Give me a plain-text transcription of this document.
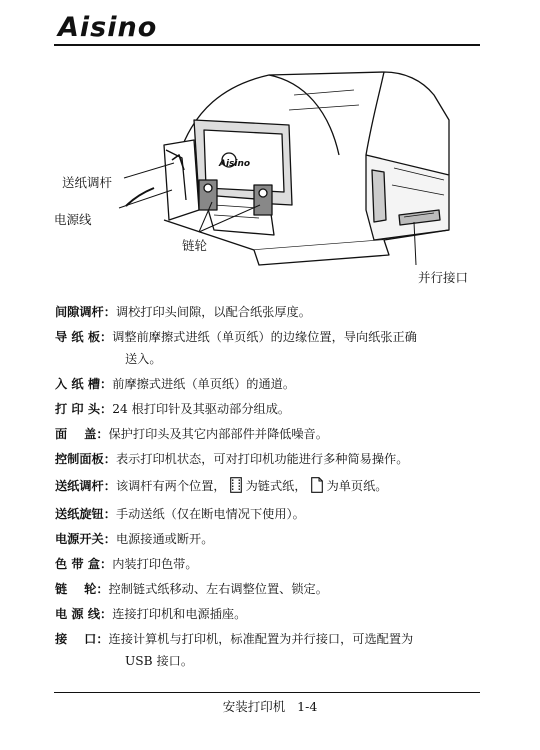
Aisino
Aisino
送纸调杆
电源线
链轮
并行接口
间隙调杆：调校打印头间隙，以配合纸张厚度。
导 纸 板：调整前摩擦式进纸（单页纸）的边缘位置，导向纸张正确
送入。
入 纸 槽：前摩擦式进纸（单页纸）的通道。
打 印 头：24 根打印针及其驱动部分组成。
面    盖：保护打印头及其它内部部件并降低噪音。
控制面板：表示打印机状态，可对打印机功能进行多种简易操作。
送纸调杆：该调杆有两个位置， 为链式纸， 为单页纸。
送纸旋钮：手动送纸（仅在断电情况下使用）。
电源开关：电源接通或断开。
色 带 盒：内装打印色带。
链    轮：控制链式纸移动、左右调整位置、锁定。
电 源 线：连接打印机和电源插座。
接    口：连接计算机与打印机，标准配置为并行接口，可选配置为
USB 接口。
安装打印机   1-4
